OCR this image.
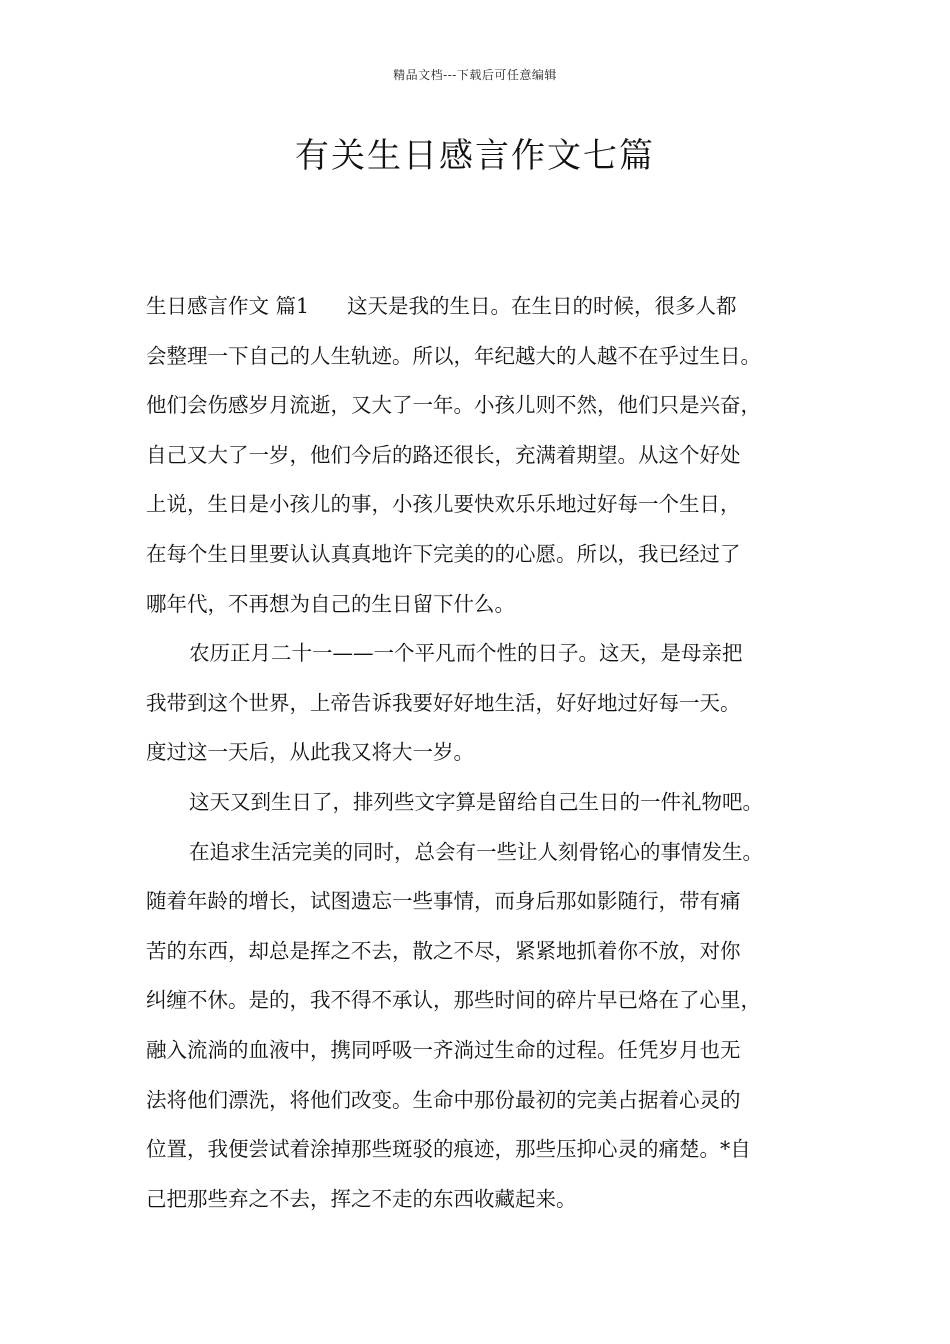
精品文档---下载后可任意编辑
有关生日感言作文七篇
生日感言作文 篇1 这天是我的生日。在生日的时候，很多人都
会整理一下自己的人生轨迹。所以，年纪越大的人越不在乎过生日。
他们会伤感岁月流逝，又大了一年。小孩儿则不然，他们只是兴奋，
自己又大了一岁，他们今后的路还很长，充满着期望。从这个好处
上说，生日是小孩儿的事，小孩儿要快欢乐乐地过好每一个生日，
在每个生日里要认认真真地许下完美的的心愿。所以，我已经过了
哪年代，不再想为自己的生日留下什么。
农历正月二十一——一个平凡而个性的日子。这天，是母亲把
我带到这个世界，上帝告诉我要好好地生活，好好地过好每一天。
度过这一天后，从此我又将大一岁。
这天又到生日了，排列些文字算是留给自己生日的一件礼物吧。
在追求生活完美的同时，总会有一些让人刻骨铭心的事情发生。
随着年龄的增长，试图遗忘一些事情，而身后那如影随行，带有痛
苦的东西，却总是挥之不去，散之不尽，紧紧地抓着你不放，对你
纠缠不休。是的，我不得不承认，那些时间的碎片早已烙在了心里，
融入流淌的血液中，携同呼吸一齐淌过生命的过程。任凭岁月也无
法将他们漂洗，将他们改变。生命中那份最初的完美占据着心灵的
位置，我便尝试着涂掉那些斑驳的痕迹，那些压抑心灵的痛楚。*自
己把那些弃之不去，挥之不走的东西收藏起来。
